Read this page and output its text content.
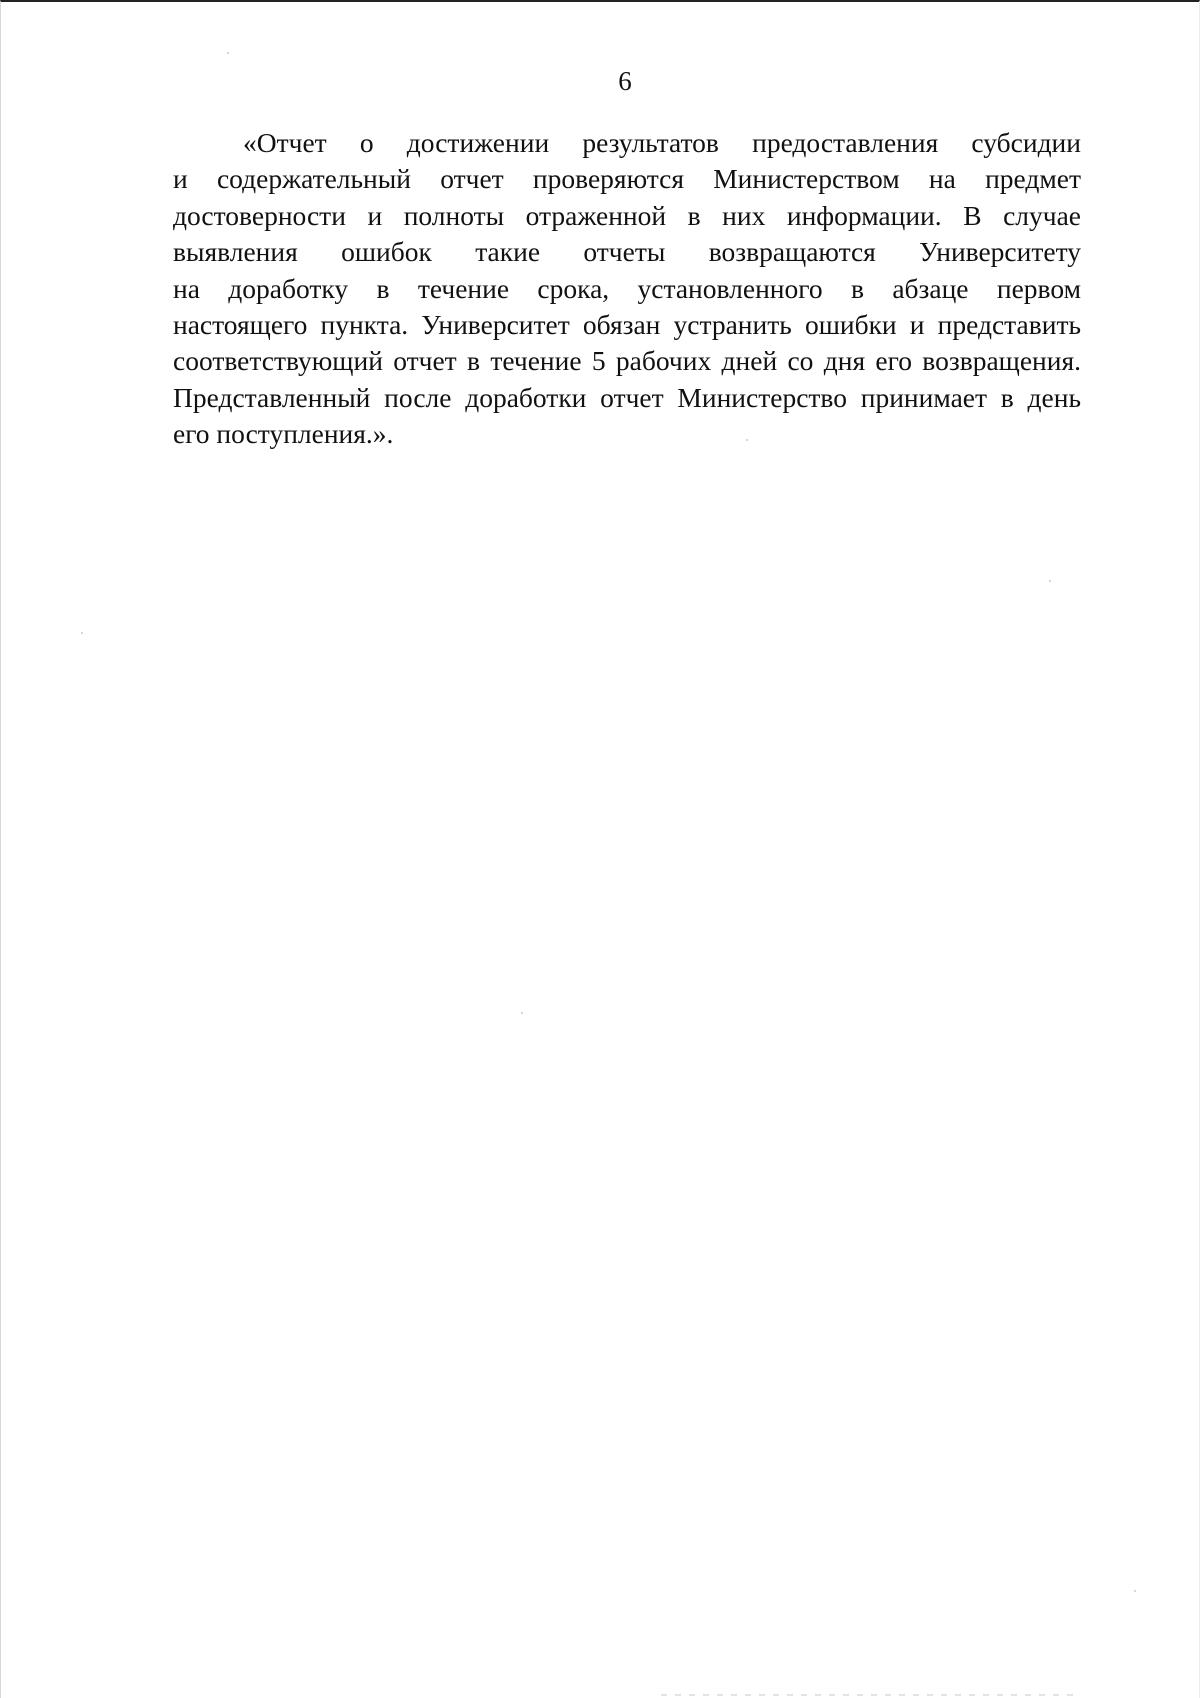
6
«Отчет о достижении результатов предоставления субсидии
и содержательный отчет проверяются Министерством на предмет
достоверности и полноты отраженной в них информации. В случае
выявления ошибок такие отчеты возвращаются Университету
на доработку в течение срока, установленного в абзаце первом
настоящего пункта. Университет обязан устранить ошибки и представить
соответствующий отчет в течение 5 рабочих дней со дня его возвращения.
Представленный после доработки отчет Министерство принимает в день
его поступления.».
